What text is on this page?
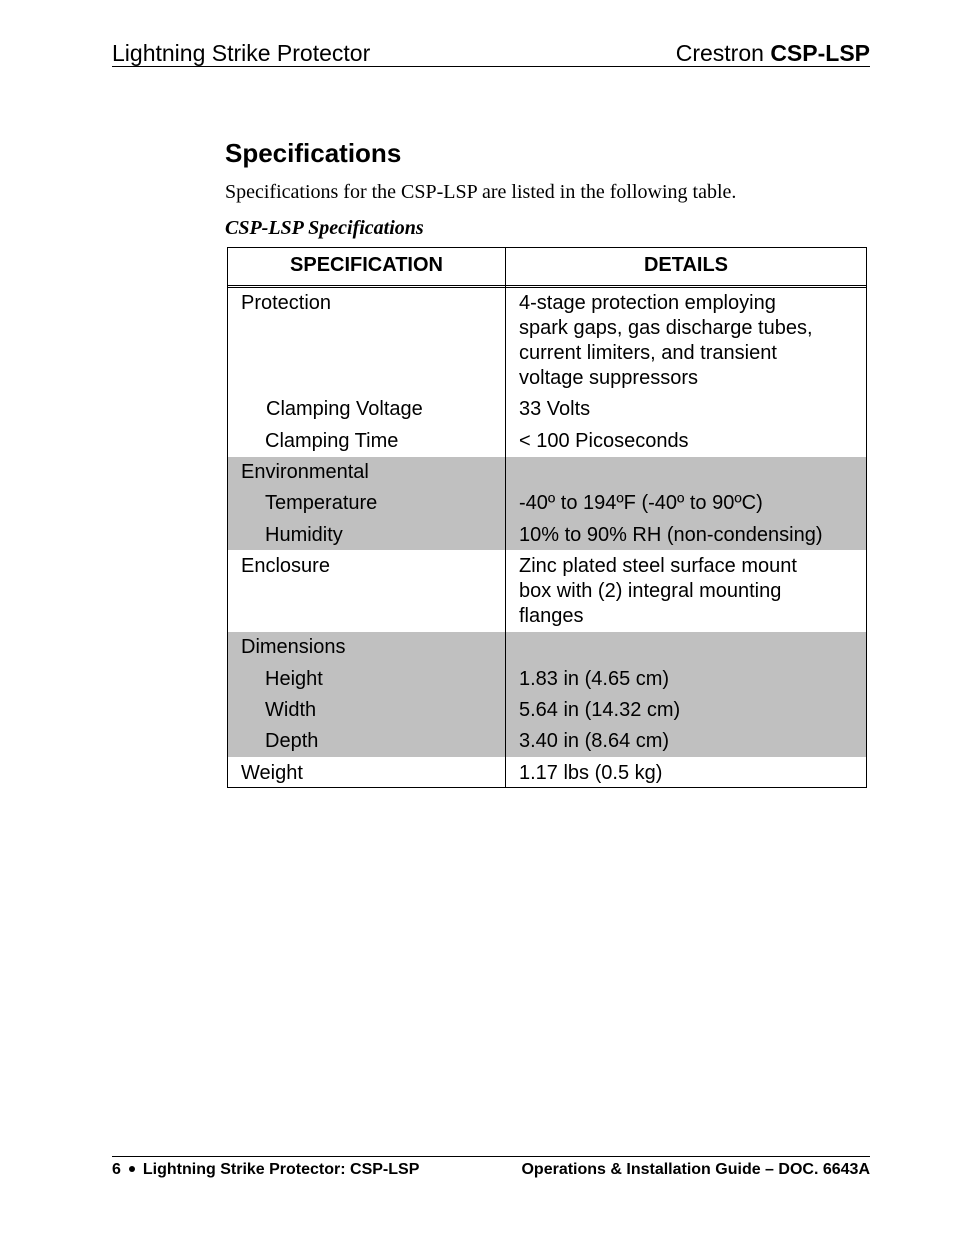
Lightning Strike Protector	Crestron CSP-LSP
Specifications
Specifications for the CSP-LSP are listed in the following table.
CSP-LSP Specifications
SPECIFICATION	DETAILS
Protection	4-stage protection employing
spark gaps, gas discharge tubes,
current limiters, and transient
voltage suppressors
Clamping Voltage	33 Volts
Clamping Time	< 100 Picoseconds
Environmental
Temperature	-40º to 194ºF (-40º to 90ºC)
Humidity	10% to 90% RH (non-condensing)
Enclosure	Zinc plated steel surface mount
box with (2) integral mounting
flanges
Dimensions
Height	1.83 in (4.65 cm)
Width	5.64 in (14.32 cm)
Depth	3.40 in (8.64 cm)
Weight	1.17 lbs (0.5 kg)
6 Lightning Strike Protector: CSP-LSP	Operations & Installation Guide – DOC. 6643A
